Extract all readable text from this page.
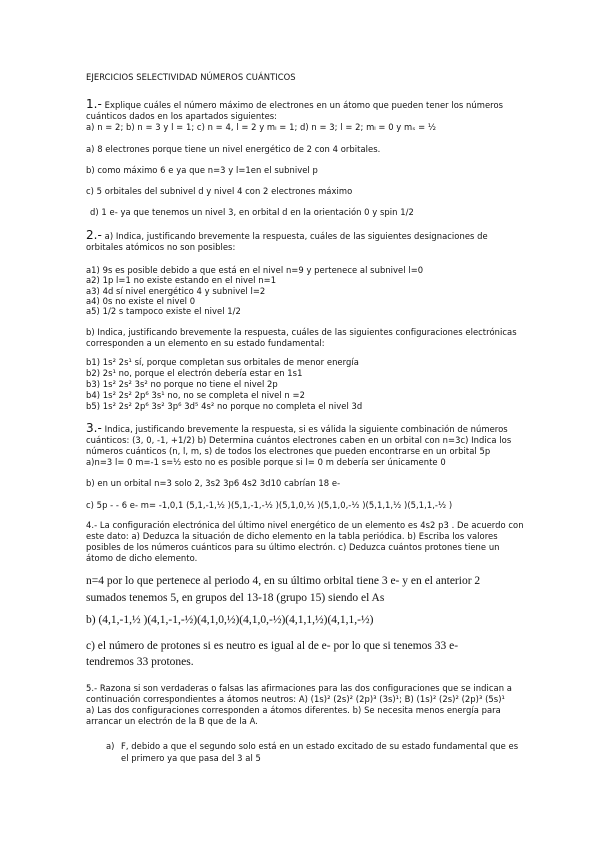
EJERCICIOS SELECTIVIDAD NÚMEROS CUÁNTICOS
1.- Explique cuáles el número máximo de electrones en un átomo que pueden tener los números
cuánticos dados en los apartados siguientes:
a) n = 2; b) n = 3 y l = 1; c) n = 4, l = 2 y mₗ = 1; d) n = 3; l = 2; mₗ = 0 y mₛ = ½
a) 8 electrones porque tiene un nivel energético de 2 con 4 orbitales.
b) como máximo 6 e ya que n=3 y l=1en el subnivel p
c) 5 orbitales del subnivel d y nivel 4 con 2 electrones máximo
d) 1 e- ya que tenemos un nivel 3, en orbital d en la orientación 0 y spin 1/2
2.- a) Indica, justificando brevemente la respuesta, cuáles de las siguientes designaciones de
orbitales atómicos no son posibles:
a1) 9s es posible debido a que está en el nivel n=9 y pertenece al subnivel l=0
a2) 1p l=1 no existe estando en el nivel n=1
a3) 4d sí nivel energético 4 y subnivel l=2
a4) 0s no existe el nivel 0
a5) 1/2 s tampoco existe el nivel 1/2
b) Indica, justificando brevemente la respuesta, cuáles de las siguientes configuraciones electrónicas
corresponden a un elemento en su estado fundamental:
b1) 1s² 2s¹ sí, porque completan sus orbitales de menor energía
b2) 2s¹ no, porque el electrón debería estar en 1s1
b3) 1s² 2s² 3s² no porque no tiene el nivel 2p
b4) 1s² 2s² 2p⁶ 3s¹ no, no se completa el nivel n =2
b5) 1s² 2s² 2p⁶ 3s² 3p⁶ 3d⁵ 4s² no porque no completa el nivel 3d
3.- Indica, justificando brevemente la respuesta, si es válida la siguiente combinación de números
cuánticos: (3, 0, -1, +1/2) b) Determina cuántos electrones caben en un orbital con n=3c) Indica los
números cuánticos (n, l, m, s) de todos los electrones que pueden encontrarse en un orbital 5p
a)n=3 l= 0 m=-1 s=½ esto no es posible porque si l= 0 m debería ser únicamente 0
b) en un orbital n=3 solo 2, 3s2 3p6 4s2 3d10 cabrían 18 e-
c) 5p - - 6 e- m= -1,0,1 (5,1,-1,½ )(5,1,-1,-½ )(5,1,0,½ )(5,1,0,-½ )(5,1,1,½ )(5,1,1,-½ )
4.- La configuración electrónica del último nivel energético de un elemento es 4s2 p3 . De acuerdo con
este dato: a) Deduzca la situación de dicho elemento en la tabla periódica. b) Escriba los valores
posibles de los números cuánticos para su último electrón. c) Deduzca cuántos protones tiene un
átomo de dicho elemento.
n=4 por lo que pertenece al periodo 4, en su último orbital tiene 3 e- y en el anterior 2
sumados tenemos 5, en grupos del 13-18 (grupo 15) siendo el As
b) (4,1,-1,½ )(4,1,-1,-½)(4,1,0,½)(4,1,0,-½)(4,1,1,½)(4,1,1,-½)
c) el número de protones si es neutro es igual al de e- por lo que si tenemos 33 e-
tendremos 33 protones.
5.- Razona si son verdaderas o falsas las afirmaciones para las dos configuraciones que se indican a
continuación correspondientes a átomos neutros: A) (1s)² (2s)² (2p)³ (3s)¹; B) (1s)² (2s)² (2p)³ (5s)¹
a) Las dos configuraciones corresponden a átomos diferentes. b) Se necesita menos energía para
arrancar un electrón de la B que de la A.
a) F, debido a que el segundo solo está en un estado excitado de su estado fundamental que es
el primero ya que pasa del 3 al 5
